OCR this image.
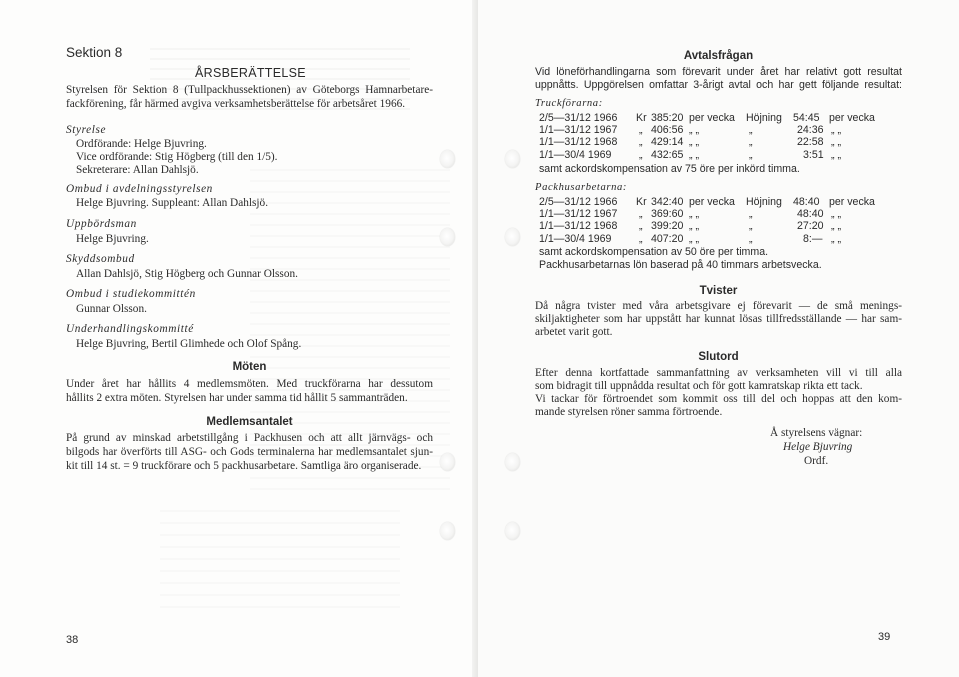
Sektion 8
ÅRSBERÄTTELSE
Styrelsen för Sektion 8 (Tullpackhussektionen) av Göteborgs Hamnarbetare-
fackförening, får härmed avgiva verksamhetsberättelse för arbetsåret 1966.
Styrelse
Ordförande: Helge Bjuvring.
Vice ordförande: Stig Högberg (till den 1/5).
Sekreterare: Allan Dahlsjö.
Ombud i avdelningsstyrelsen
Helge Bjuvring. Suppleant: Allan Dahlsjö.
Uppbördsman
Helge Bjuvring.
Skyddsombud
Allan Dahlsjö, Stig Högberg och Gunnar Olsson.
Ombud i studiekommittén
Gunnar Olsson.
Underhandlingskommitté
Helge Bjuvring, Bertil Glimhede och Olof Spång.
Möten
Under året har hållits 4 medlemsmöten. Med truckförarna har dessutom
hållits 2 extra möten. Styrelsen har under samma tid hållit 5 sammanträden.
Medlemsantalet
På grund av minskad arbetstillgång i Packhusen och att allt järnvägs- och
bilgods har överförts till ASG- och Gods terminalerna har medlemsantalet sjun-
kit till 14 st. = 9 truckförare och 5 packhusarbetare. Samtliga äro organiserade.
38
Avtalsfrågan
Vid löneförhandlingarna som förevarit under året har relativt gott resultat
uppnåtts. Uppgörelsen omfattar 3-årigt avtal och har gett följande resultat:
Truckförarna:
2/5—31/12 1966 Kr 385:20 per vecka Höjning 54:45 per vecka
1/1—31/12 1967 „ 406:56 „ „	„	24:36 „ „
1/1—31/12 1968 „ 429:14 „ „	„	22:58 „ „
1/1—30/4 1969	„ 432:65 „ „	„	3:51 „ „
samt ackordskompensation av 75 öre per inkörd timma.
Packhusarbetarna:
2/5—31/12 1966 Kr 342:40 per vecka Höjning 48:40 per vecka
1/1—31/12 1967 „ 369:60 „ „	„	48:40 „ „
1/1—31/12 1968 „ 399:20 „ „	„	27:20 „ „
1/1—30/4 1969	„ 407:20 „ „	„	8:— „ „
samt ackordskompensation av 50 öre per timma.
Packhusarbetarnas lön baserad på 40 timmars arbetsvecka.
Tvister
Då några tvister med våra arbetsgivare ej förevarit — de små menings-
skiljaktigheter som har uppstått har kunnat lösas tillfredsställande — har sam-
arbetet varit gott.
Slutord
Efter denna kortfattade sammanfattning av verksamheten vill vi till alla
som bidragit till uppnådda resultat och för gott kamratskap rikta ett tack.
Vi tackar för förtroendet som kommit oss till del och hoppas att den kom-
mande styrelsen röner samma förtroende.
Å styrelsens vägnar:
Helge Bjuvring
Ordf.
39
